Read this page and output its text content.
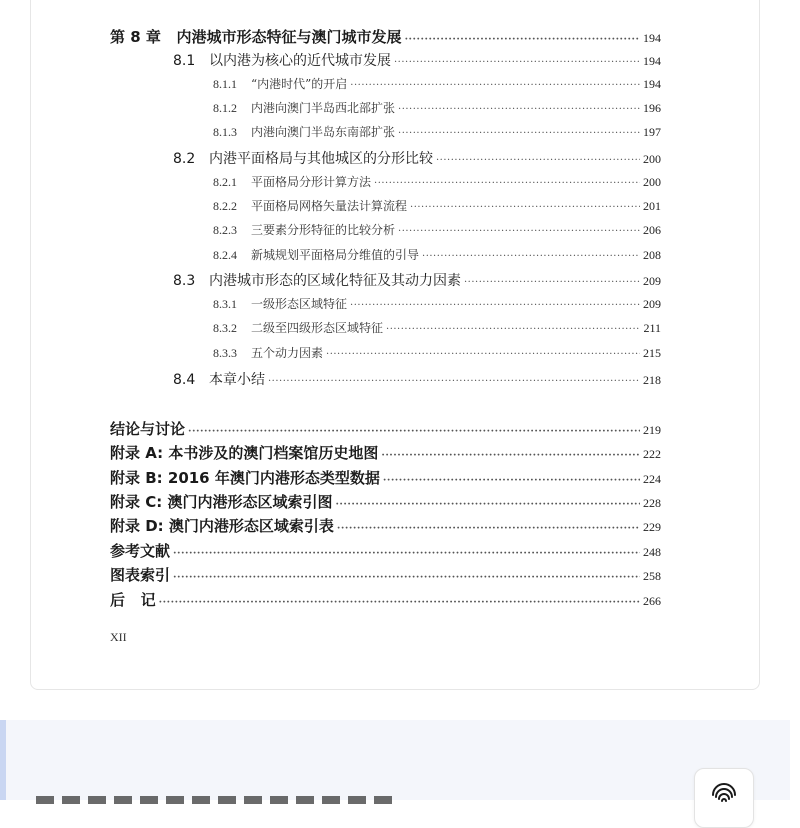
第 8 章   内港城市形态特征与澳门城市发展 ·····	194
8.1 以内港为核心的近代城市发展 ·····	194
8.1.1 “内港时代”的开启 ·····	194
8.1.2 内港向澳门半岛西北部扩张 ·····	196
8.1.3 内港向澳门半岛东南部扩张 ·····	197
8.2 内港平面格局与其他城区的分形比较 ·····	200
8.2.1 平面格局分形计算方法 ·····	200
8.2.2 平面格局网格矢量法计算流程 ·····	201
8.2.3 三要素分形特征的比较分析 ·····	206
8.2.4 新城规划平面格局分维值的引导 ·····	208
8.3 内港城市形态的区域化特征及其动力因素 ·····	209
8.3.1 一级形态区域特征 ·····	209
8.3.2 二级至四级形态区域特征 ·····	211
8.3.3 五个动力因素 ·····	215
8.4 本章小结 ·····	218
结论与讨论 ·····	219
附录 A: 本书涉及的澳门档案馆历史地图 ·····	222
附录 B: 2016 年澳门内港形态类型数据 ·····	224
附录 C: 澳门内港形态区域索引图 ·····	228
附录 D: 澳门内港形态区域索引表 ·····	229
参考文献 ·····	248
图表索引 ·····	258
后   记 ·····	266
XII
